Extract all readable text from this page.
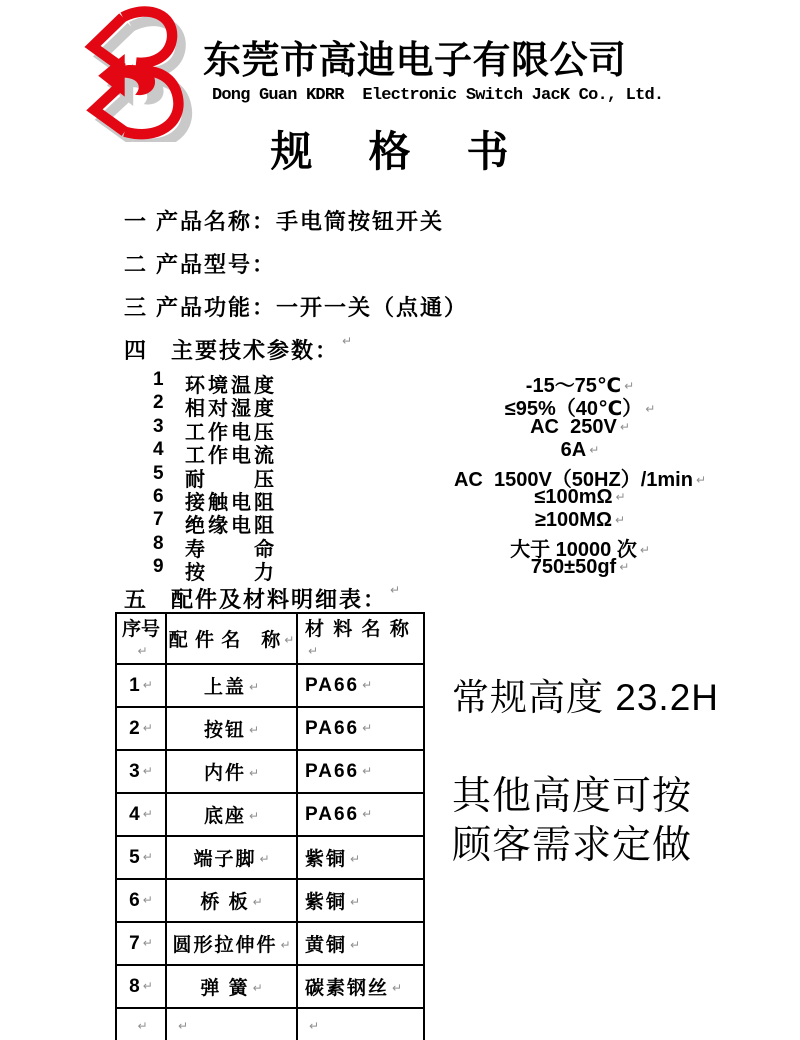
东莞市高迪电子有限公司
Dong Guan KDRR  Electronic Switch JacK Co., Ltd.
规　格　书
一 产品名称：手电筒按钮开关
二 产品型号：
三 产品功能：一开一关（点通）
四	主要技术参数： ↵
1 环境温度	-15～75℃ ↵
2 相对湿度	≤95%（40℃） ↵
3 工作电压	AC  250V ↵
4 工作电流	6A ↵
5 耐　　压	AC  1500V（50HZ）/1min ↵
6 接触电阻	≤100mΩ ↵
7 绝缘电阻	≥100MΩ ↵
8 寿　　命	大于 10000 次 ↵
9 按　　力	750±50gf ↵
五	配件及材料明细表： ↵
序号↵	配 件 名　称 ↵	材 料 名 称↵
1 ↵	上盖 ↵	PA66 ↵
2 ↵	按钮 ↵	PA66 ↵
3 ↵	内件 ↵	PA66 ↵
4 ↵	底座 ↵	PA66 ↵
5 ↵	端子脚 ↵	紫铜 ↵
6 ↵	桥 板 ↵	紫铜 ↵
7 ↵	圆形拉伸件 ↵	黄铜 ↵
8 ↵	弹 簧 ↵	碳素钢丝 ↵
↵	↵	↵
常规高度 23.2H
其他高度可按
顾客需求定做
